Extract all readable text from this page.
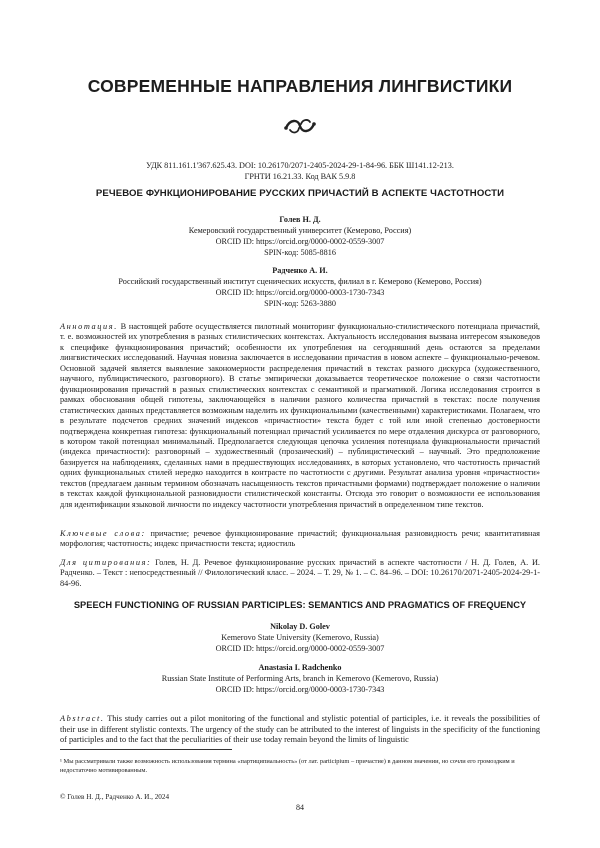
СОВРЕМЕННЫЕ НАПРАВЛЕНИЯ ЛИНГВИСТИКИ
УДК 811.161.1'367.625.43. DOI: 10.26170/2071-2405-2024-29-1-84-96. ББК Ш141.12-213.
ГРНТИ 16.21.33. Код ВАК 5.9.8
РЕЧЕВОЕ ФУНКЦИОНИРОВАНИЕ РУССКИХ ПРИЧАСТИЙ В АСПЕКТЕ ЧАСТОТНОСТИ
Голев Н. Д.
Кемеровский государственный университет (Кемерово, Россия)
ORCID ID: https://orcid.org/0000-0002-0559-3007
SPIN-код: 5085-8816
Радченко А. И.
Российский государственный институт сценических искусств, филиал в г. Кемерово (Кемерово, Россия)
ORCID ID: https://orcid.org/0000-0003-1730-7343
SPIN-код: 5263-3880
Аннотация. В настоящей работе осуществляется пилотный мониторинг функционально-стилистического потенциала причастий, т. е. возможностей их употребления в разных стилистических контекстах. Актуальность исследования вызвана интересом языковедов к специфике функционирования причастий; особенности их употребления на сегодняшний день остаются за пределами лингвистических исследований. Научная новизна заключается в исследовании причастия в новом аспекте – функционально-речевом. Основной задачей является выявление закономерности распределения причастий в текстах разного дискурса (художественного, научного, публицистического, разговорного). В статье эмпирически доказывается теоретическое положение о связи частотности функционирования причастий в разных стилистических контекстах с семантикой и прагматикой. Логика исследования строится в рамках обоснования общей гипотезы, заключающейся в наличии разного количества причастий в текстах: после получения статистических данных представляется возможным наделить их функциональными (качественными) характеристиками. Полагаем, что в результате подсчетов средних значений индексов «причастности» текста будет с той или иной степенью достоверности подтверждена конкретная гипотеза: функциональный потенциал причастий усиливается по мере отдаления дискурса от разговорного, в котором такой потенциал минимальный. Предполагается следующая цепочка усиления потенциала функциональности причастий (индекса причастности): разговорный – художественный (прозаический) – публицистический – научный. Это предположение базируется на наблюдениях, сделанных нами в предшествующих исследованиях, в которых установлено, что частотность причастий одних функциональных стилей нередко находится в контрасте по частотности с другими. Результат анализа уровня «причастности» текстов (предлагаем данным термином обозначать насыщенность текстов причастными формами) подтверждает положение о наличии в текстах каждой функциональной разновидности стилистической константы. Отсюда это говорит о возможности ее использования для идентификации языковой личности по индексу частотности употребления причастий в определенном типе текстов.
Ключевые слова: причастие; речевое функционирование причастий; функциональная разновидность речи; квантитативная морфология; частотность; индекс причастности текста; идиостиль
Для цитирования: Голев, Н. Д. Речевое функционирование русских причастий в аспекте частотности / Н. Д. Голев, А. И. Радченко. – Текст : непосредственный // Филологический класс. – 2024. – Т. 29, № 1. – С. 84–96. – DOI: 10.26170/2071-2405-2024-29-1-84-96.
SPEECH FUNCTIONING OF RUSSIAN PARTICIPLES: SEMANTICS AND PRAGMATICS OF FREQUENCY
Nikolay D. Golev
Kemerovo State University (Kemerovo, Russia)
ORCID ID: https://orcid.org/0000-0002-0559-3007
Anastasia I. Radchenko
Russian State Institute of Performing Arts, branch in Kemerovo (Kemerovo, Russia)
ORCID ID: https://orcid.org/0000-0003-1730-7343
Abstract. This study carries out a pilot monitoring of the functional and stylistic potential of participles, i.e. it reveals the possibilities of their use in different stylistic contexts. The urgency of the study can be attributed to the interest of linguists in the specificity of the functioning of participles and to the fact that the peculiarities of their use today remain beyond the limits of linguistic
¹ Мы рассматривали также возможность использования термина «партиципиальность» (от лат. participium – причастие) в данном значении, но сочли его громоздким и недостаточно мотивированным.
© Голев Н. Д., Радченко А. И., 2024
84
